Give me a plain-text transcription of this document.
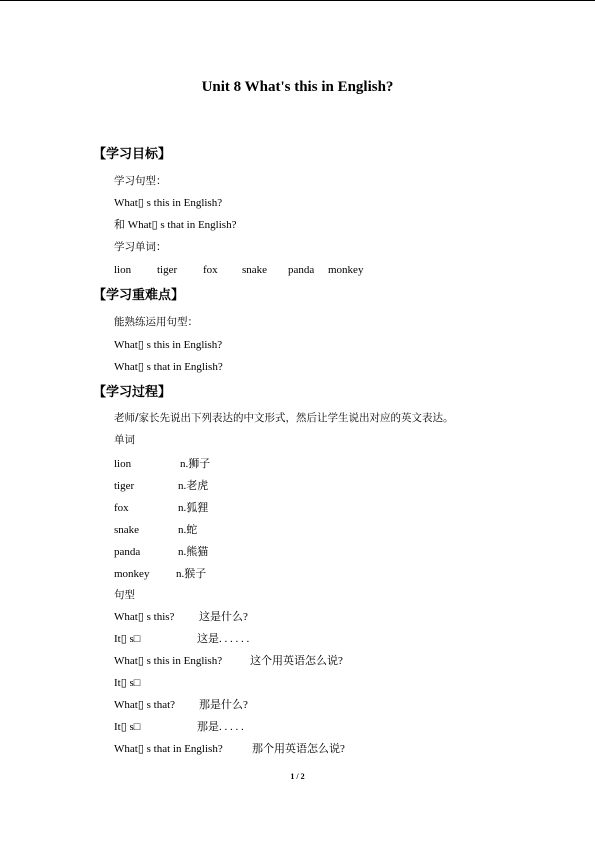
Unit 8 What's this in English?
【学习目标】
学习句型：
What▯ s this in English?
和 What▯ s that in English?
学习单词：
lion tiger fox snake panda monkey
【学习重难点】
能熟练运用句型：
What▯ s this in English?
What▯ s that in English?
【学习过程】
老师/家长先说出下列表达的中文形式，然后让学生说出对应的英文表达。
单词
lion	n.狮子
tiger	n.老虎
fox	n.狐狸
snake	n.蛇
panda	n.熊猫
monkey n.猴子
句型
What▯ s this? 这是什么?
It▯ s□	这是. . . . . .
What▯ s this in English?	这个用英语怎么说?
It▯ s□
What▯ s that? 那是什么?
It▯ s□	那是. . . . .
What▯ s that in English?	那个用英语怎么说?
1 / 2
